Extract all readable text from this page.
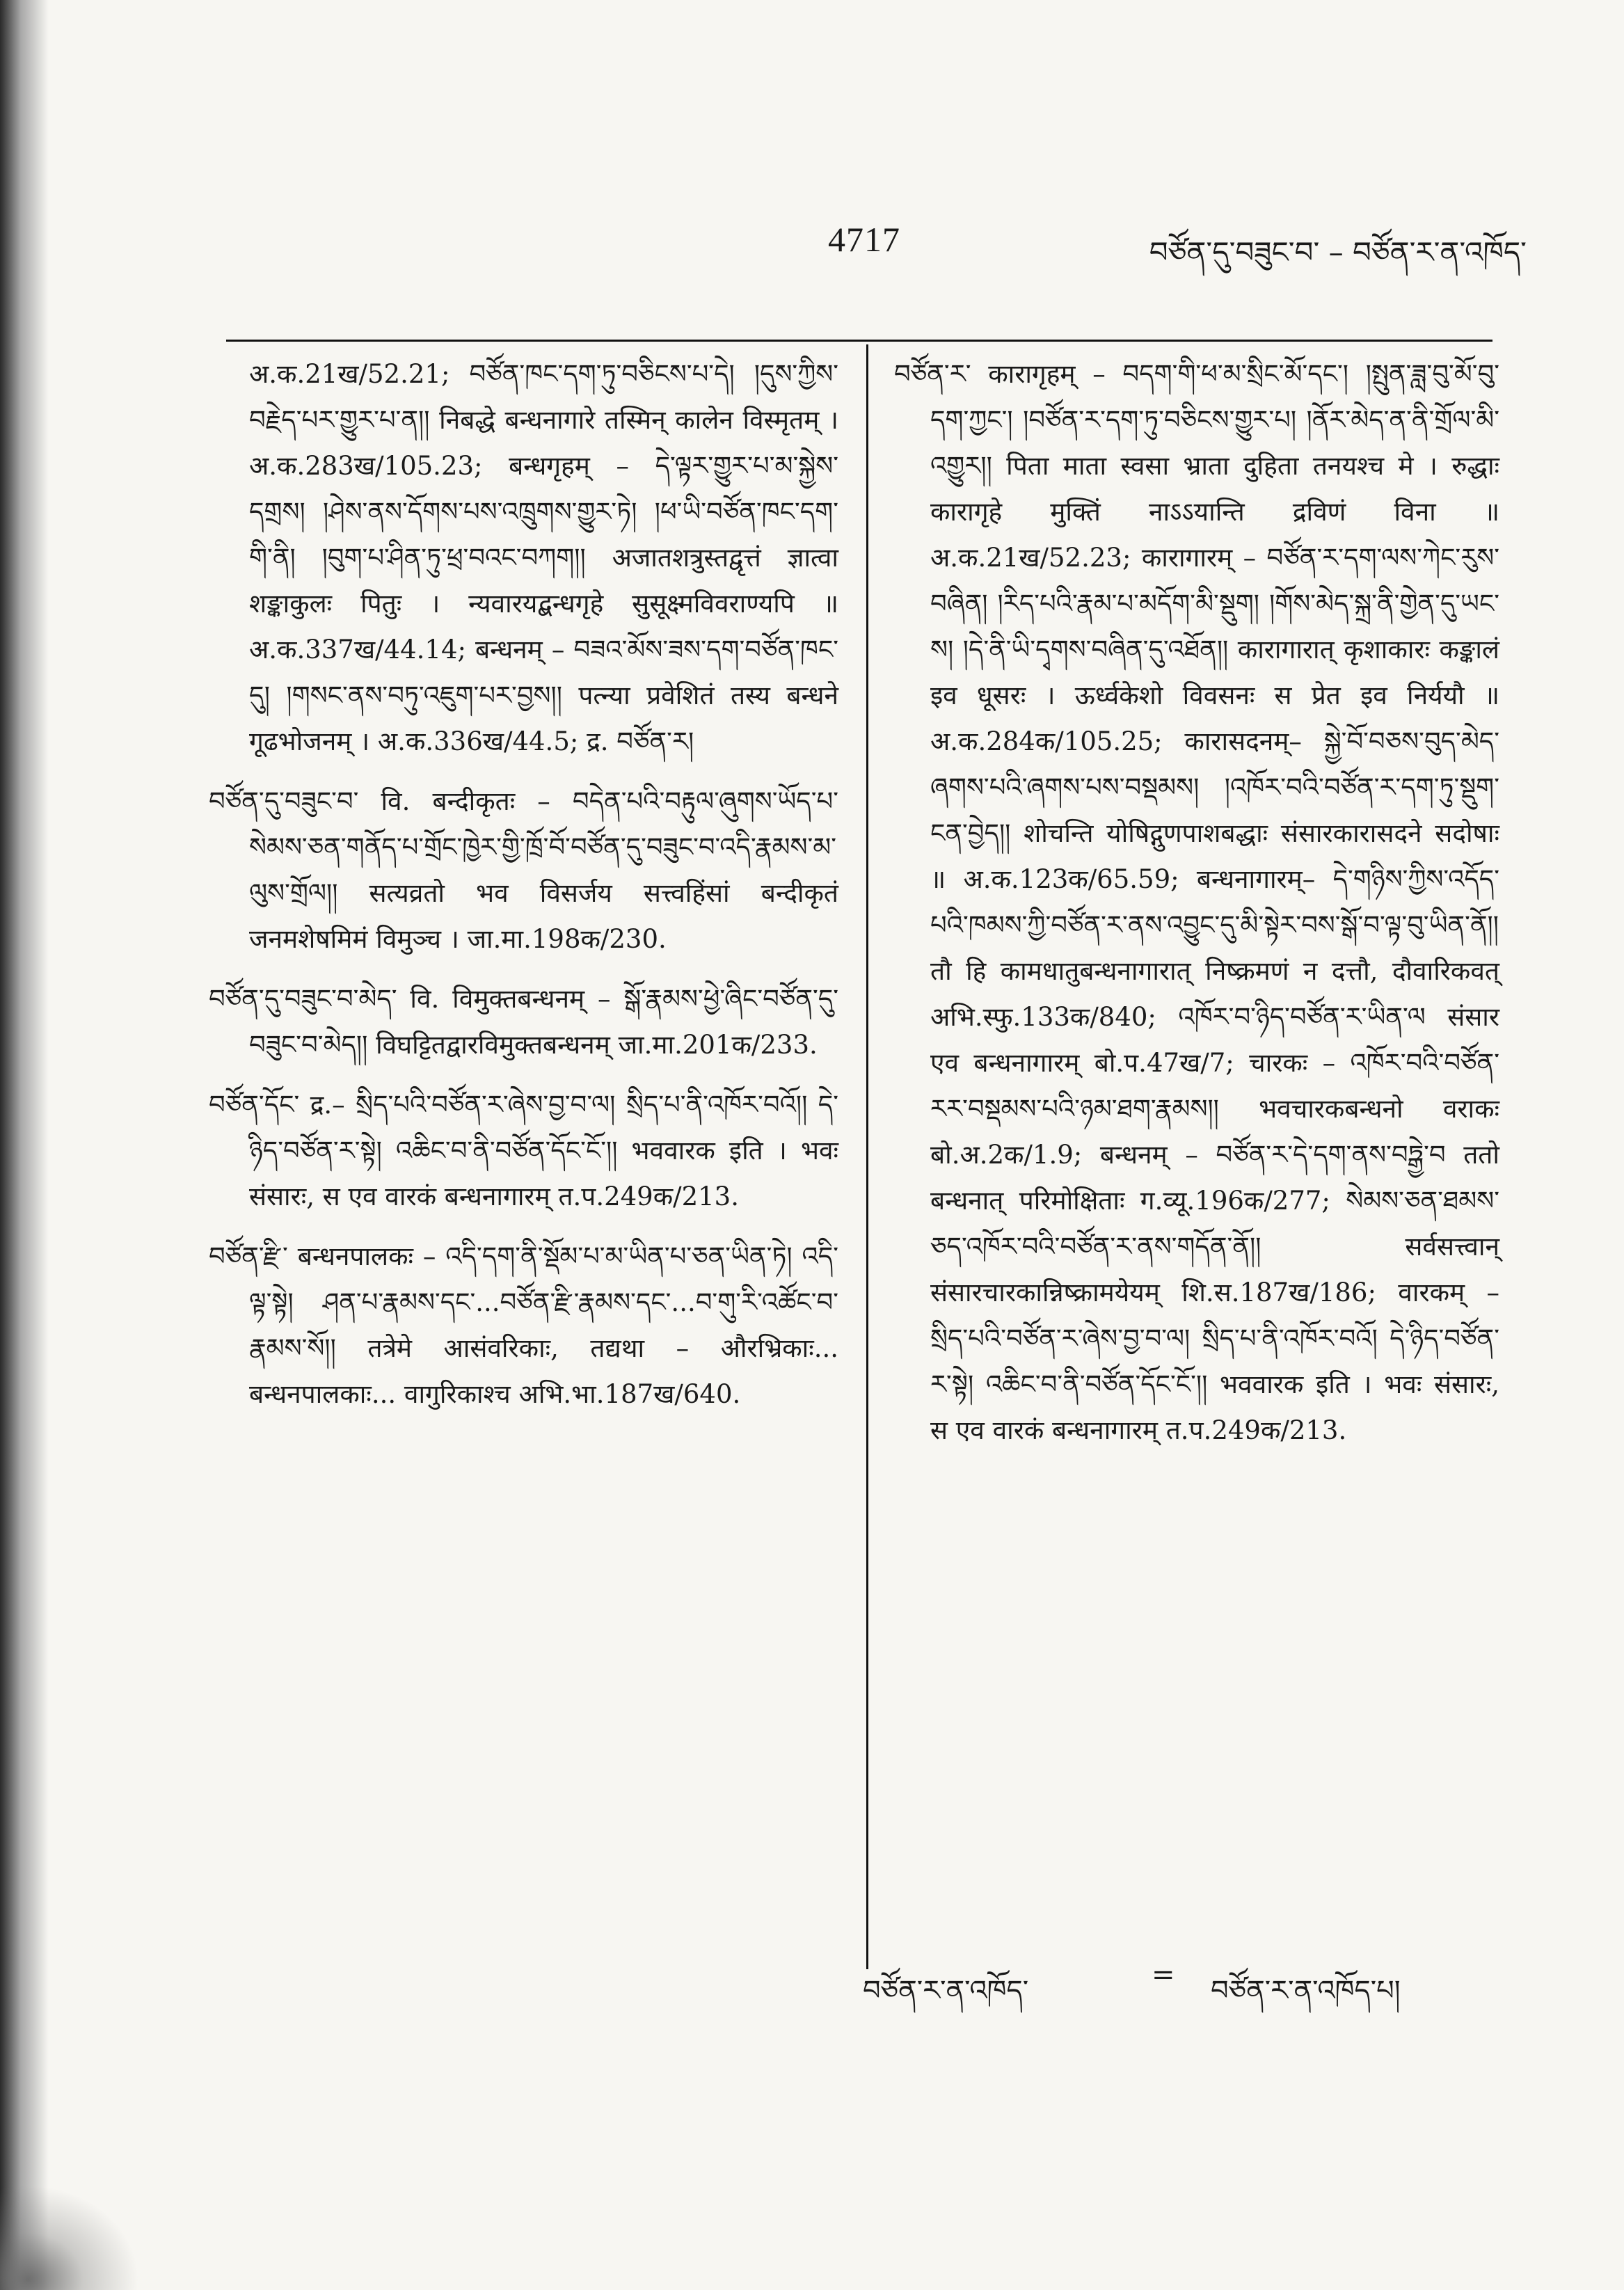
4717	བཙོན་དུ་བཟུང་བ་ – བཙོན་ར་ན་འཁོད་

अ.क.21ख/52.21; བཙོན་ཁང་དག་ཏུ་བཅིངས་པ་དེ། །དུས་ཀྱིས་བརྗེད་པར་གྱུར་པ་ན།། निबद्धे बन्धनागारे तस्मिन् कालेन विस्मृतम् । अ.क.283ख/105.23; बन्धगृहम् – དེ་ལྟར་གྱུར་པ་མ་སྐྱེས་དགྲས། །ཤེས་ནས་དོགས་པས་འཁྲུགས་གྱུར་ཏེ། །ཕ་ཡི་བཙོན་ཁང་དག་གི་ནི། །བུག་པ་ཤིན་ཏུ་ཕྲ་བའང་བཀག།། अजातशत्रुस्तद्वृत्तं ज्ञात्वा शङ्काकुलः पितुः । न्यवारयद्बन्धगृहे सुसूक्ष्मविवराण्यपि ॥ अ.क.337ख/44.14; बन्धनम् – བཟའ་མོས་ཟས་དག་བཙོན་ཁང་དུ། །གསང་ནས་བཏུ་འཇུག་པར་བྱས།། पत्न्या प्रवेशितं तस्य बन्धने गूढभोजनम् । अ.क.336ख/44.5; द्र. བཙོན་ར།

བཙོན་དུ་བཟུང་བ་ वि. बन्दीकृतः – བདེན་པའི་བརྟུལ་ཞུགས་ཡོད་པ་སེམས་ཅན་གནོད་པ་གྲོང་ཁྱེར་གྱི་ཁྲོ་བོ་བཙོན་དུ་བཟུང་བ་འདི་རྣམས་མ་ལུས་གྲོལ།། सत्यव्रतो भव विसर्जय सत्त्वहिंसां बन्दीकृतं जनमशेषमिमं विमुञ्च । जा.मा.198क/230.

བཙོན་དུ་བཟུང་བ་མེད་ वि. विमुक्तबन्धनम् – སྒོ་རྣམས་ཕྱེ་ཞིང་བཙོན་དུ་བཟུང་བ་མེད།། विघट्टितद्वारविमुक्तबन्धनम् जा.मा.201क/233.

བཙོན་དོང་ द्र.– སྲིད་པའི་བཙོན་ར་ཞེས་བྱ་བ་ལ། སྲིད་པ་ནི་འཁོར་བའོ།། དེ་ཉིད་བཙོན་ར་སྟེ། འཆིང་བ་ནི་བཙོན་དོང་ངོ་།། भववारक इति । भवः संसारः, स एव वारकं बन्धनागारम् त.प.249क/213.

བཙོན་རྫི་ बन्धनपालकः – འདི་དག་ནི་སྡོམ་པ་མ་ཡིན་པ་ཅན་ཡིན་ཏེ། འདི་ལྟ་སྟེ། ཤན་པ་རྣམས་དང་...བཙོན་རྫི་རྣམས་དང་...བ་གུ་རི་འཚོང་བ་རྣམས་སོ།། तत्रेमे आसंवरिकाः, तद्यथा – औरभ्रिकाः... बन्धनपालकाः... वागुरिकाश्च अभि.भा.187ख/640.

བཙོན་ར་ कारागृहम् – བདག་གི་ཕ་མ་སྲིང་མོ་དང་། །སྤུན་ཟླ་བུ་མོ་བུ་དག་ཀྱང་། །བཙོན་ར་དག་ཏུ་བཅིངས་གྱུར་པ། །ནོར་མེད་ན་ནི་གྲོལ་མི་འགྱུར།། पिता माता स्वसा भ्राता दुहिता तनयश्च मे । रुद्धाः कारागृहे मुक्तिं नाऽऽयान्ति द्रविणं विना ॥ अ.क.21ख/52.23; कारागारम् – བཙོན་ར་དག་ལས་ཀེང་རུས་བཞིན། །རིད་པའི་རྣམ་པ་མདོག་མི་སྡུག། །གོས་མེད་སྐྲ་ནི་གྱེན་དུ་ཡང་ས། །དེ་ནི་ཡི་དྭགས་བཞིན་དུ་འཐོན།། कारागारात् कृशाकारः कङ्कालं इव धूसरः । ऊर्ध्वकेशो विवसनः स प्रेत इव निर्ययौ ॥ अ.क.284क/105.25; कारासदनम्– སྐྱེ་བོ་བཅས་བུད་མེད་ཞགས་པའི་ཞགས་པས་བསྡམས། །འཁོར་བའི་བཙོན་ར་དག་ཏུ་སྡུག་ངན་བྱེད།། शोचन्ति योषिद्गुणपाशबद्धाः संसारकारासदने सदोषाः ॥ अ.क.123क/65.59; बन्धनागारम्– དེ་གཉིས་ཀྱིས་འདོད་པའི་ཁམས་ཀྱི་བཙོན་ར་ནས་འབྱུང་དུ་མི་སྟེར་བས་སྒོ་བ་ལྟ་བུ་ཡིན་ནོ།། तौ हि कामधातुबन्धनागारात् निष्क्रमणं न दत्तौ, दौवारिकवत् अभि.स्फु.133क/840; འཁོར་བ་ཉིད་བཙོན་ར་ཡིན་ལ संसार एव बन्धनागारम् बो.प.47ख/7; चारकः – འཁོར་བའི་བཙོན་རར་བསྡམས་པའི་ཉམ་ཐག་རྣམས།། भवचारकबन्धनो वराकः बो.अ.2क/1.9; बन्धनम् – བཙོན་ར་དེ་དག་ནས་བཏྒྱེ་བ ततो बन्धनात् परिमोक्षिताः ग.व्यू.196क/277; སེམས་ཅན་ཐམས་ཅད་འཁོར་བའི་བཙོན་ར་ནས་གདོན་ནོ།། सर्वसत्त्वान् संसारचारकान्निष्क्रामयेयम् शि.स.187ख/186; वारकम् – སྲིད་པའི་བཙོན་ར་ཞེས་བྱ་བ་ལ། སྲིད་པ་ནི་འཁོར་བའོ། དེ་ཉིད་བཙོན་ར་སྟེ། འཆིང་བ་ནི་བཙོན་དོང་ངོ་།། भववारक इति । भवः संसारः, स एव वारकं बन्धनागारम् त.प.249क/213.

བཙོན་ར་ན་འཁོད་	= བཙོན་ར་ན་འཁོད་པ།
